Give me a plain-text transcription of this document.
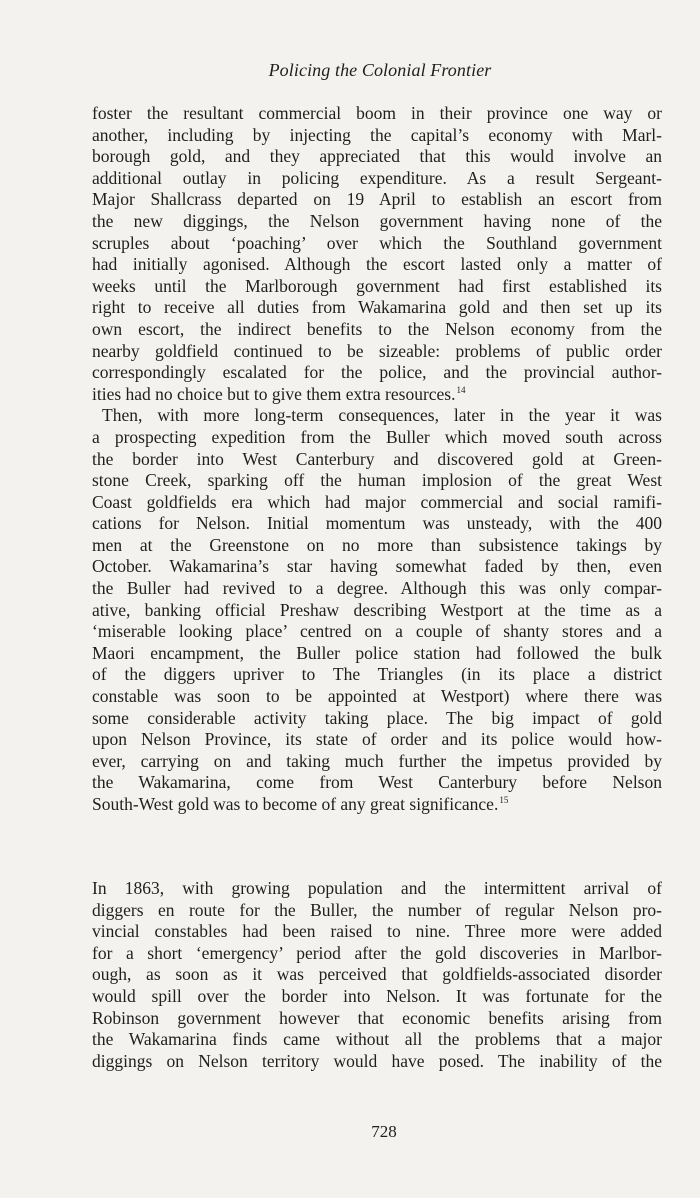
Policing the Colonial Frontier
foster the resultant commercial boom in their province one way or
another, including by injecting the capital’s economy with Marl-
borough gold, and they appreciated that this would involve an
additional outlay in policing expenditure. As a result Sergeant-
Major Shallcrass departed on 19 April to establish an escort from
the new diggings, the Nelson government having none of the
scruples about ‘poaching’ over which the Southland government
had initially agonised. Although the escort lasted only a matter of
weeks until the Marlborough government had first established its
right to receive all duties from Wakamarina gold and then set up its
own escort, the indirect benefits to the Nelson economy from the
nearby goldfield continued to be sizeable: problems of public order
correspondingly escalated for the police, and the provincial author-
ities had no choice but to give them extra resources.$^{14}$
Then, with more long-term consequences, later in the year it was
a prospecting expedition from the Buller which moved south across
the border into West Canterbury and discovered gold at Green-
stone Creek, sparking off the human implosion of the great West
Coast goldfields era which had major commercial and social ramifi-
cations for Nelson. Initial momentum was unsteady, with the 400
men at the Greenstone on no more than subsistence takings by
October. Wakamarina’s star having somewhat faded by then, even
the Buller had revived to a degree. Although this was only compar-
ative, banking official Preshaw describing Westport at the time as a
‘miserable looking place’ centred on a couple of shanty stores and a
Maori encampment, the Buller police station had followed the bulk
of the diggers upriver to The Triangles (in its place a district
constable was soon to be appointed at Westport) where there was
some considerable activity taking place. The big impact of gold
upon Nelson Province, its state of order and its police would how-
ever, carrying on and taking much further the impetus provided by
the Wakamarina, come from West Canterbury before Nelson
South-West gold was to become of any great significance.$^{15}$
In 1863, with growing population and the intermittent arrival of
diggers en route for the Buller, the number of regular Nelson pro-
vincial constables had been raised to nine. Three more were added
for a short ‘emergency’ period after the gold discoveries in Marlbor-
ough, as soon as it was perceived that goldfields-associated disorder
would spill over the border into Nelson. It was fortunate for the
Robinson government however that economic benefits arising from
the Wakamarina finds came without all the problems that a major
diggings on Nelson territory would have posed. The inability of the
728
